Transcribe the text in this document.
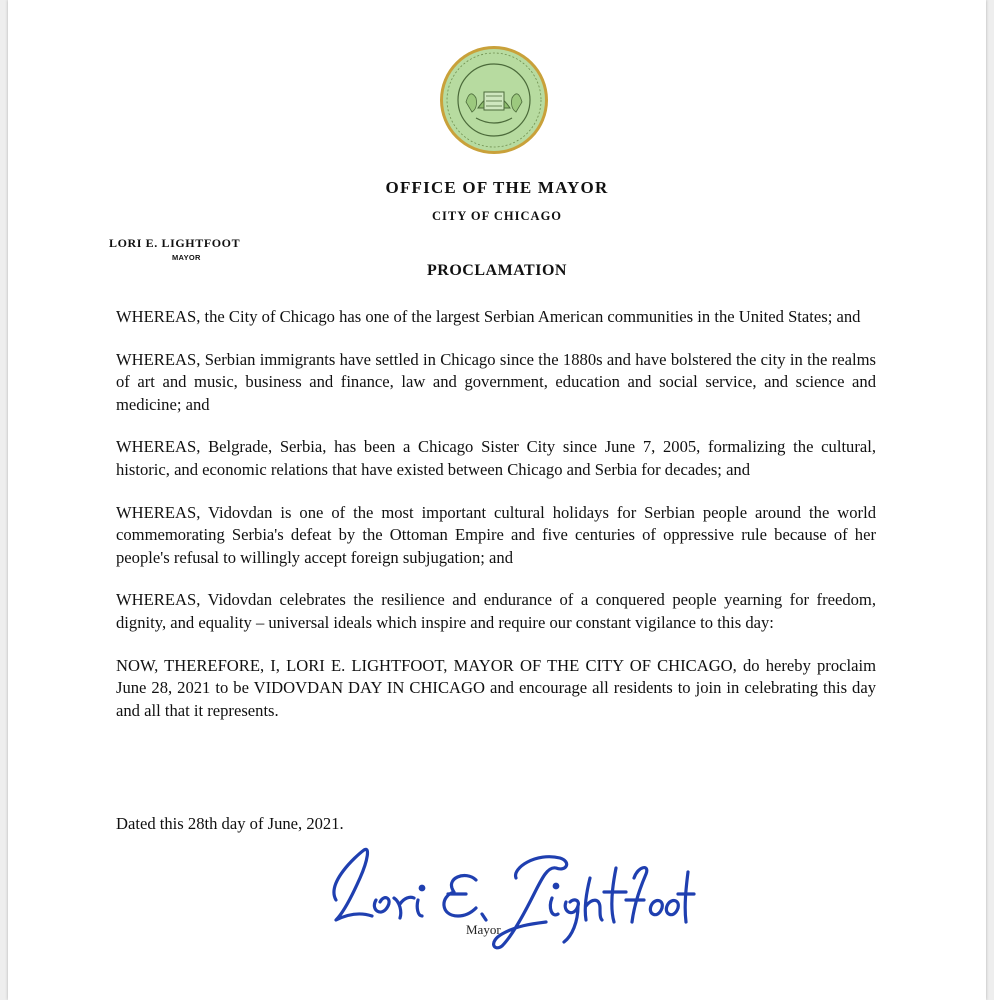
OFFICE OF THE MAYOR
CITY OF CHICAGO
LORI E. LIGHTFOOT
MAYOR
PROCLAMATION

WHEREAS, the City of Chicago has one of the largest Serbian American communities in the United States; and

WHEREAS, Serbian immigrants have settled in Chicago since the 1880s and have bolstered the city in the realms of art and music, business and finance, law and government, education and social service, and science and medicine; and

WHEREAS, Belgrade, Serbia, has been a Chicago Sister City since June 7, 2005, formalizing the cultural, historic, and economic relations that have existed between Chicago and Serbia for decades; and

WHEREAS, Vidovdan is one of the most important cultural holidays for Serbian people around the world commemorating Serbia's defeat by the Ottoman Empire and five centuries of oppressive rule because of her people's refusal to willingly accept foreign subjugation; and

WHEREAS, Vidovdan celebrates the resilience and endurance of a conquered people yearning for freedom, dignity, and equality – universal ideals which inspire and require our constant vigilance to this day:

NOW, THEREFORE, I, LORI E. LIGHTFOOT, MAYOR OF THE CITY OF CHICAGO, do hereby proclaim June 28, 2021 to be VIDOVDAN DAY IN CHICAGO and encourage all residents to join in celebrating this day and all that it represents.

Dated this 28th day of June, 2021.
Mayor
